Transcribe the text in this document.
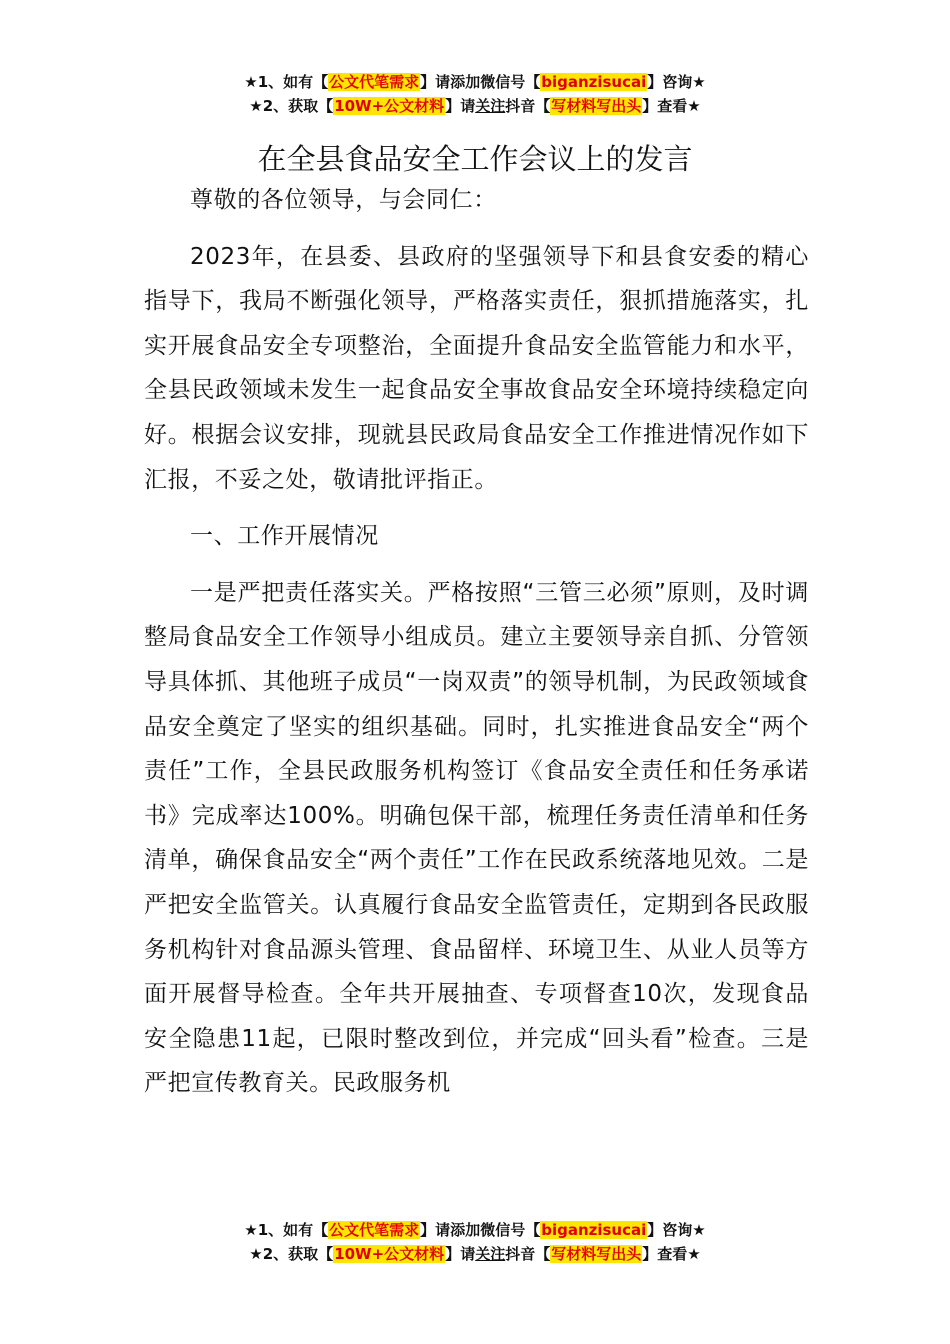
★1、如有【公文代笔需求】请添加微信号【biganzisucai】咨询★
★2、获取【10W+公文材料】请关注抖音【写材料写出头】查看★
在全县食品安全工作会议上的发言

尊敬的各位领导，与会同仁：

2023年，在县委、县政府的坚强领导下和县食安委的精心指导下，我局不断强化领导，严格落实责任，狠抓措施落实，扎实开展食品安全专项整治，全面提升食品安全监管能力和水平，全县民政领域未发生一起食品安全事故食品安全环境持续稳定向好。根据会议安排，现就县民政局食品安全工作推进情况作如下汇报，不妥之处，敬请批评指正。

一、工作开展情况

一是严把责任落实关。严格按照“三管三必须”原则，及时调整局食品安全工作领导小组成员。建立主要领导亲自抓、分管领导具体抓、其他班子成员“一岗双责”的领导机制，为民政领域食品安全奠定了坚实的组织基础。同时，扎实推进食品安全“两个责任”工作，全县民政服务机构签订《食品安全责任和任务承诺书》完成率达100%。明确包保干部，梳理任务责任清单和任务清单，确保食品安全“两个责任”工作在民政系统落地见效。二是严把安全监管关。认真履行食品安全监管责任，定期到各民政服务机构针对食品源头管理、食品留样、环境卫生、从业人员等方面开展督导检查。全年共开展抽查、专项督查10次，发现食品安全隐患11起，已限时整改到位，并完成“回头看”检查。三是严把宣传教育关。民政服务机

★1、如有【公文代笔需求】请添加微信号【biganzisucai】咨询★
★2、获取【10W+公文材料】请关注抖音【写材料写出头】查看★
